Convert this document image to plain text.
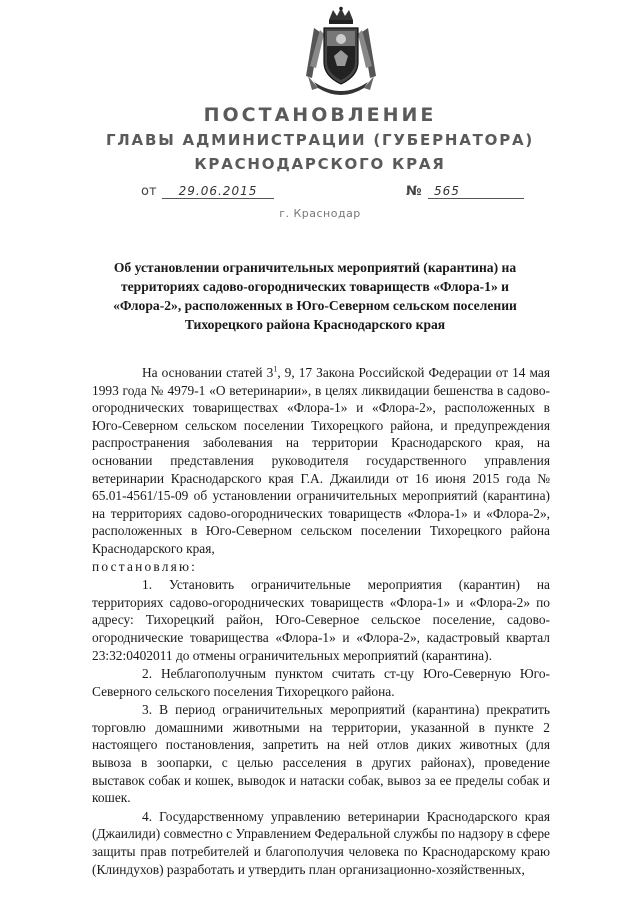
ПОСТАНОВЛЕНИЕ
ГЛАВЫ АДМИНИСТРАЦИИ (ГУБЕРНАТОРА)
КРАСНОДАРСКОГО КРАЯ
от	29.06.2015	№	565
г. Краснодар
Об установлении ограничительных мероприятий (карантина) на территориях садово-огороднических товариществ «Флора-1» и «Флора-2», расположенных в Юго-Северном сельском поселении Тихорецкого района Краснодарского края

На основании статей $3^1$, 9, 17 Закона Российской Федерации от 14 мая 1993 года № 4979-1 «О ветеринарии», в целях ликвидации бешенства в садово-огороднических товариществах «Флора-1» и «Флора-2», расположенных в Юго-Северном сельском поселении Тихорецкого района, и предупреждения распространения заболевания на территории Краснодарского края, на основании представления руководителя государственного управления ветеринарии Краснодарского края Г.А. Джаилиди от 16 июня 2015 года № 65.01-4561/15-09 об установлении ограничительных мероприятий (карантина) на территориях садово-огороднических товариществ «Флора-1» и «Флора-2», расположенных в Юго-Северном сельском поселении Тихорецкого района Краснодарского края,
постановляю:

1. Установить ограничительные мероприятия (карантин) на территориях садово-огороднических товариществ «Флора-1» и «Флора-2» по адресу: Тихорецкий район, Юго-Северное сельское поселение, садово-огороднические товарищества «Флора-1» и «Флора-2», кадастровый квартал 23:32:0402011 до отмены ограничительных мероприятий (карантина).

2. Неблагополучным пунктом считать ст-цу Юго-Северную Юго-Северного сельского поселения Тихорецкого района.

3. В период ограничительных мероприятий (карантина) прекратить торговлю домашними животными на территории, указанной в пункте 2 настоящего постановления, запретить на ней отлов диких животных (для вывоза в зоопарки, с целью расселения в других районах), проведение выставок собак и кошек, выводок и натаски собак, вывоз за ее пределы собак и кошек.

4. Государственному управлению ветеринарии Краснодарского края (Джаилиди) совместно с Управлением Федеральной службы по надзору в сфере защиты прав потребителей и благополучия человека по Краснодарскому краю (Клиндухов) разработать и утвердить план организационно-хозяйственных,
